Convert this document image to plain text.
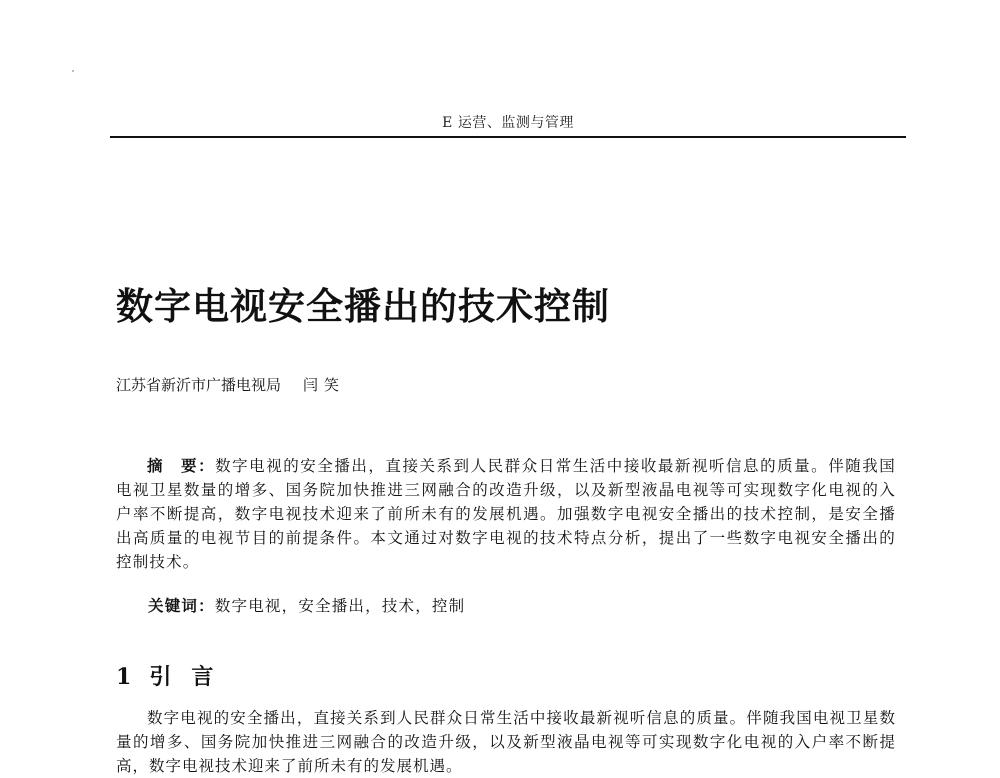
E 运营、监测与管理
数字电视安全播出的技术控制
江苏省新沂市广播电视局 闫笑
摘　要：数字电视的安全播出，直接关系到人民群众日常生活中接收最新视听信息的质量。伴随我国电视卫星数量的增多、国务院加快推进三网融合的改造升级，以及新型液晶电视等可实现数字化电视的入户率不断提高，数字电视技术迎来了前所未有的发展机遇。加强数字电视安全播出的技术控制，是安全播出高质量的电视节目的前提条件。本文通过对数字电视的技术特点分析，提出了一些数字电视安全播出的控制技术。
关键词：数字电视，安全播出，技术，控制
1 引言
数字电视的安全播出，直接关系到人民群众日常生活中接收最新视听信息的质量。伴随我国电视卫星数量的增多、国务院加快推进三网融合的改造升级，以及新型液晶电视等可实现数字化电视的入户率不断提高，数字电视技术迎来了前所未有的发展机遇。
